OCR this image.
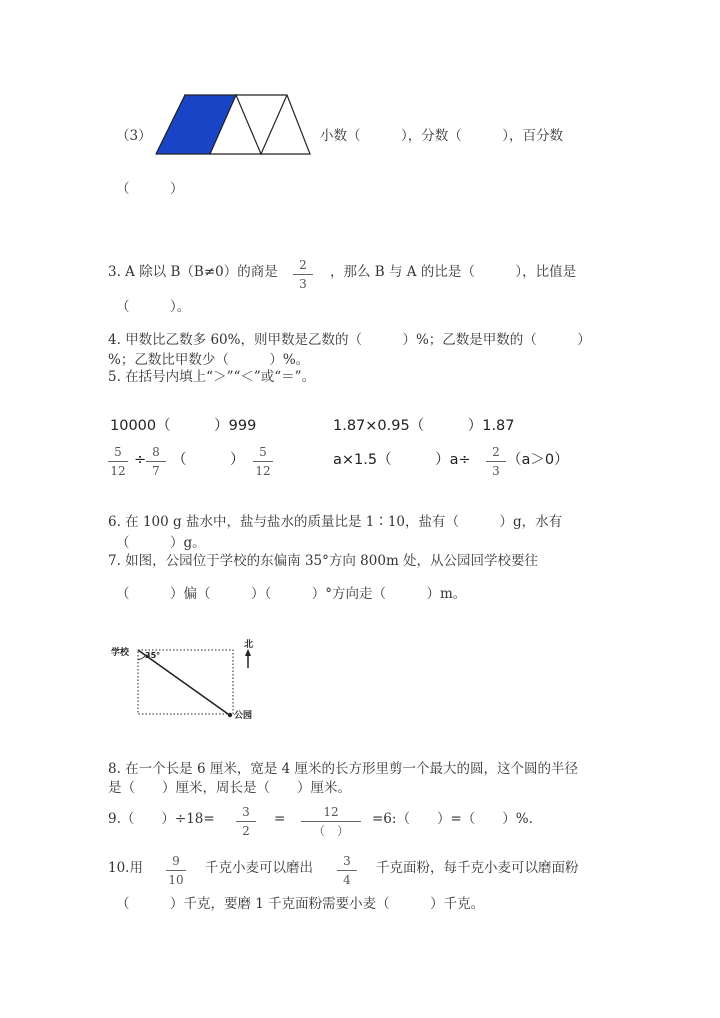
（3）	小数（　　　），分数（　　　），百分数
（　　　）
3. A 除以 B（B≠0）的商是	2
3
，那么 B 与 A 的比是（　　　），比值是
（　　　）。
4. 甲数比乙数多 60%，则甲数是乙数的（　　　）%；乙数是甲数的（　　　）
%；乙数比甲数少（　　　）%。
5. 在括号内填上“＞”“＜”或“＝”。
10000（　　　）999	1.87×0.95（　　　）1.87
5
12
÷ 8
7
（　　　）	5
12
a×1.5（　　　）a÷	2
3
（a＞0）
6. 在 100 g 盐水中，盐与盐水的质量比是 1∶10，盐有（　　　）g，水有
（　　　）g。
7. 如图，公园位于学校的东偏南 35°方向 800m 处，从公园回学校要往
（　　　）偏（　　　）（　　　）°方向走（　　　）m。
学校 35°
公园
北
8. 在一个长是 6 厘米，宽是 4 厘米的长方形里剪一个最大的圆，这个圆的半径
是（　　）厘米，周长是（　　）厘米。
9.（　　）÷18=	3
2
=	12
（　）
=6:（　　）=（　　）%.
10.用	9
10
千克小麦可以磨出	3
4
千克面粉，每千克小麦可以磨面粉
（　　　）千克，要磨 1 千克面粉需要小麦（　　　）千克。
